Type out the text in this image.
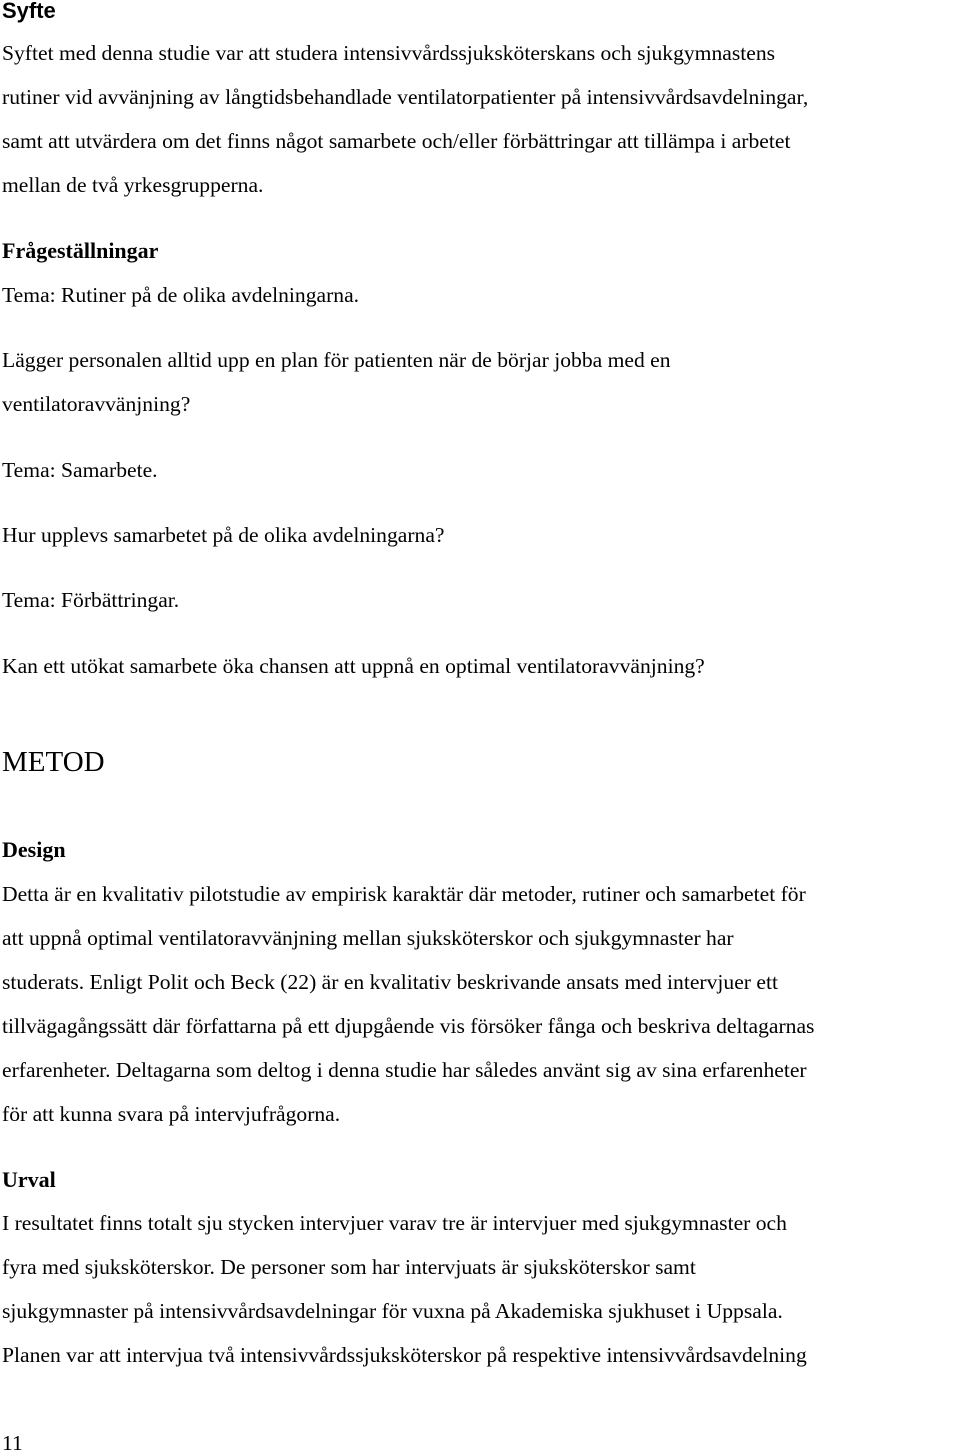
Syfte
Syftet med denna studie var att studera intensivvårdssjuksköterskans och sjukgymnastens
rutiner vid avvänjning av långtidsbehandlade ventilatorpatienter på intensivvårdsavdelningar,
samt att utvärdera om det finns något samarbete och/eller förbättringar att tillämpa i arbetet
mellan de två yrkesgrupperna.
Frågeställningar
Tema: Rutiner på de olika avdelningarna.
Lägger personalen alltid upp en plan för patienten när de börjar jobba med en
ventilatoravvänjning?
Tema: Samarbete.
Hur upplevs samarbetet på de olika avdelningarna?
Tema: Förbättringar.
Kan ett utökat samarbete öka chansen att uppnå en optimal ventilatoravvänjning?
METOD
Design
Detta är en kvalitativ pilotstudie av empirisk karaktär där metoder, rutiner och samarbetet för
att uppnå optimal ventilatoravvänjning mellan sjuksköterskor och sjukgymnaster har
studerats. Enligt Polit och Beck (22) är en kvalitativ beskrivande ansats med intervjuer ett
tillvägagångssätt där författarna på ett djupgående vis försöker fånga och beskriva deltagarnas
erfarenheter. Deltagarna som deltog i denna studie har således använt sig av sina erfarenheter
för att kunna svara på intervjufrågorna.
Urval
I resultatet finns totalt sju stycken intervjuer varav tre är intervjuer med sjukgymnaster och
fyra med sjuksköterskor. De personer som har intervjuats är sjuksköterskor samt
sjukgymnaster på intensivvårdsavdelningar för vuxna på Akademiska sjukhuset i Uppsala.
Planen var att intervjua två intensivvårdssjuksköterskor på respektive intensivvårdsavdelning
11
